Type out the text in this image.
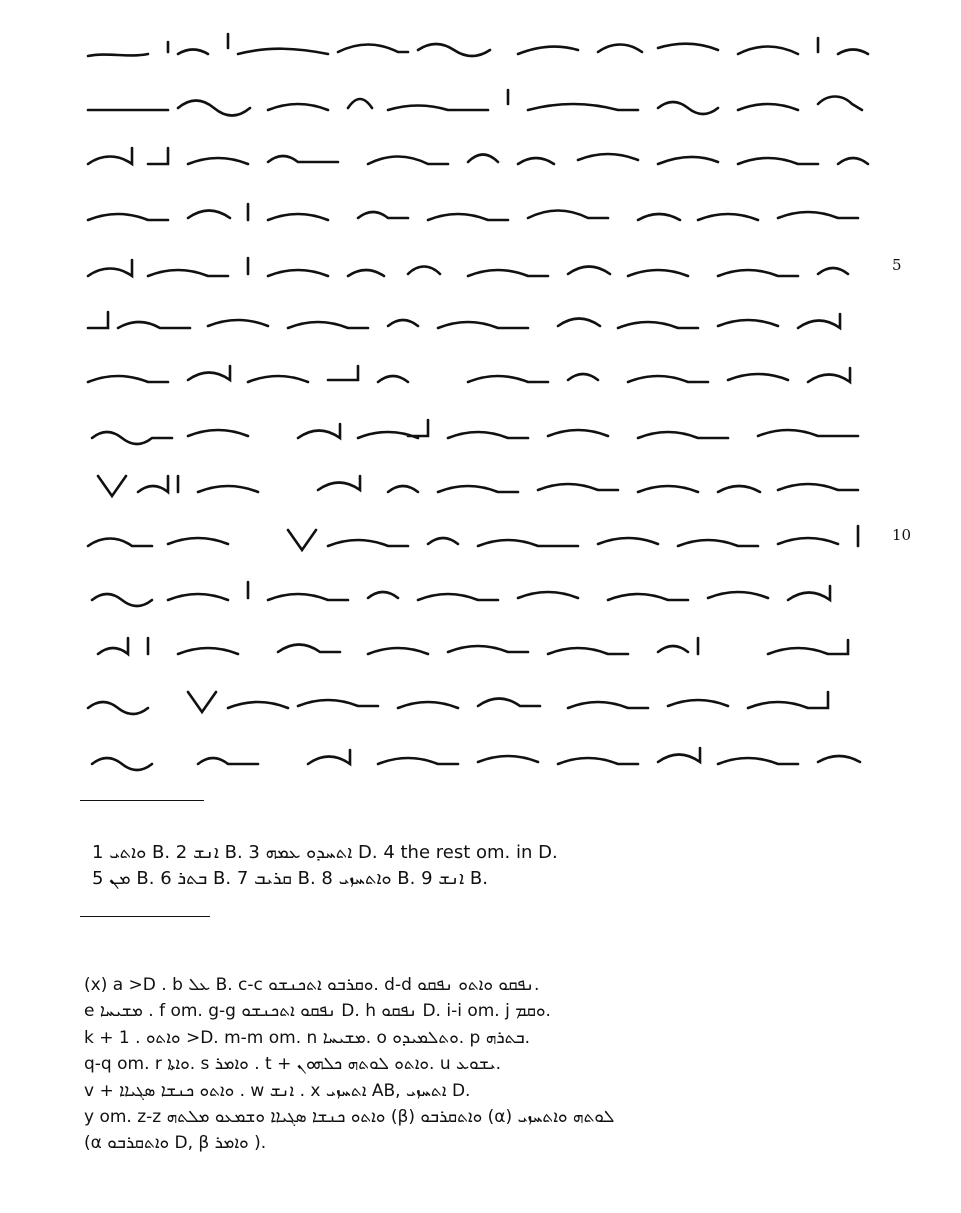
5
10
1 ܘܐܬܝ B. 2 ܐܢܫ B. 3 ܐܬܚܕܘ ܥܡܗ D. 4 the rest om. in D.
5 ܡܢ B. 6 ܒܬܪ B. 7 ܩܪܝܒ B. 8 ܘܐܬܚܙܝ B. 9 ܐܢܫ B.
(x) a >D . b ܥܠ B. c-c ܘܩܪܒܘ ܐܬܟܢܫܘ. d-d ܢܦܩܘ ܘܐܬܘ ܢܦܩܘ.
e ܡܫܝܚܐ . f om. g-g ܢܦܩܘ ܐܬܟܢܫܘ D. h ܢܦܩܘ D. i-i om. j ܘܩܡ.
k + ܘܐܬܘ . 1 >D. m-m om. n ܡܫܝܚܐ. o ܘܬܠܡܝܕܘ. p ܒܬܪܗ.
q-q om. r ܘܐܬܐ. s ܘܐܡܪ . t + ܘܐܬܘ ܠܘܬܗ ܟܠܗܘܢ. u ܝܫܘܥ.
v + ܘܐܬܘ ܟܢܫܐ ܣܓܝܐܐ . w ܐܢܫ . x ܐܬܚܙܝ AB, ܐܬܚܙܝ D.
y om. z-z ܘܐܬܘ ܟܢܫܐ ܣܓܝܐܐ ܘܫܡܥܘ ܡܠܬܗ (β) ܘܐܬܩܪܒܘ (α) ܠܘܬܗ ܘܐܬܚܙܝ
(α ܘܐܬܩܪܒܘ D, β ܘܐܡܪ ).
